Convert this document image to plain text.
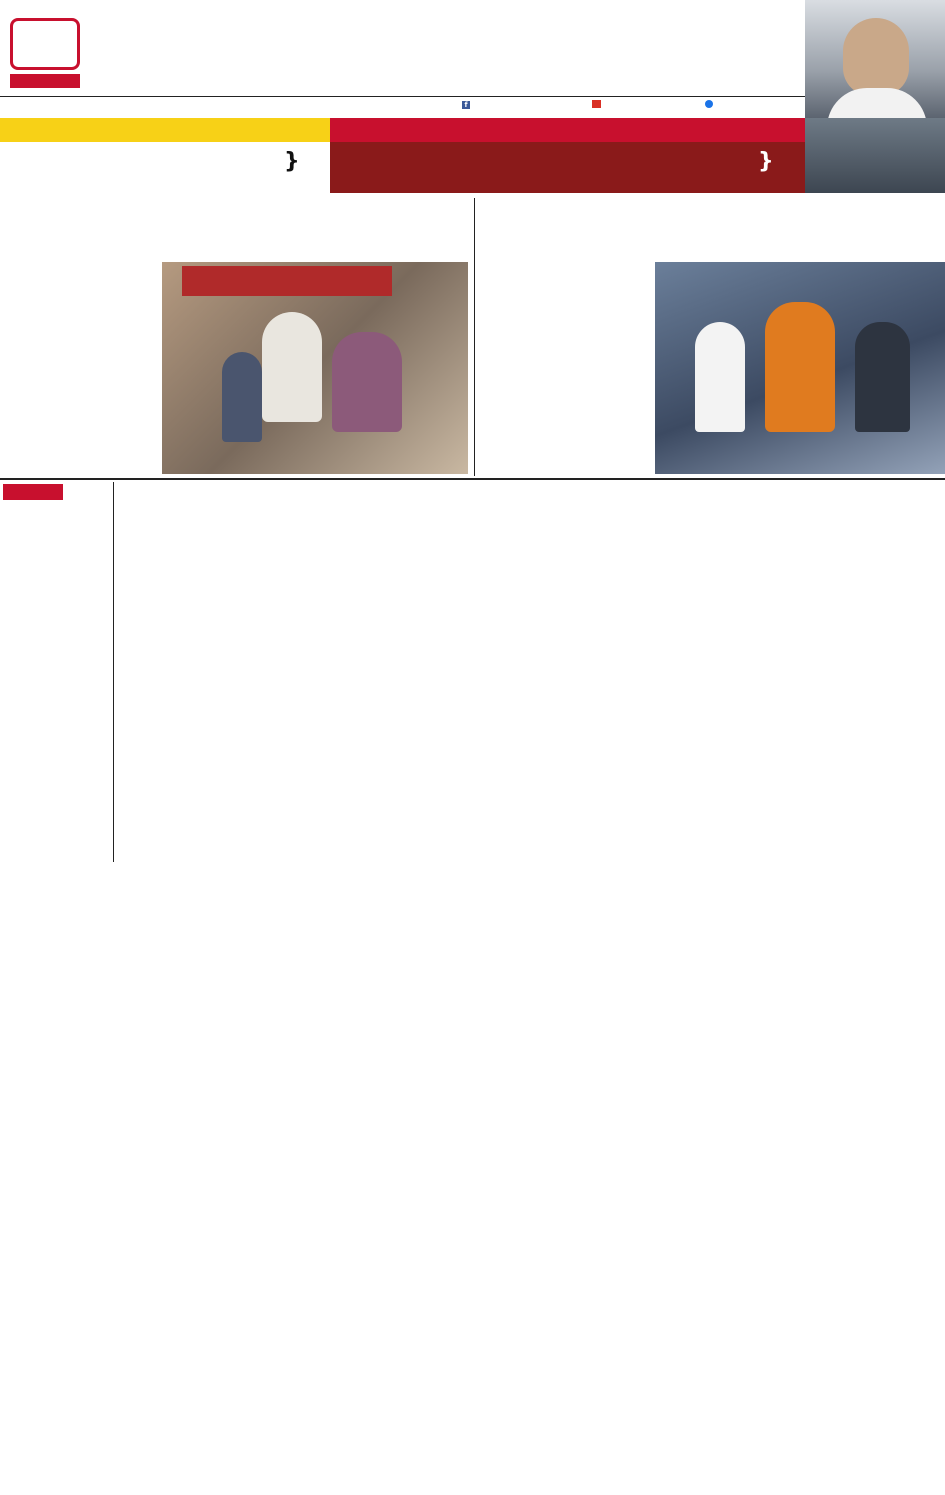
f
}	}
